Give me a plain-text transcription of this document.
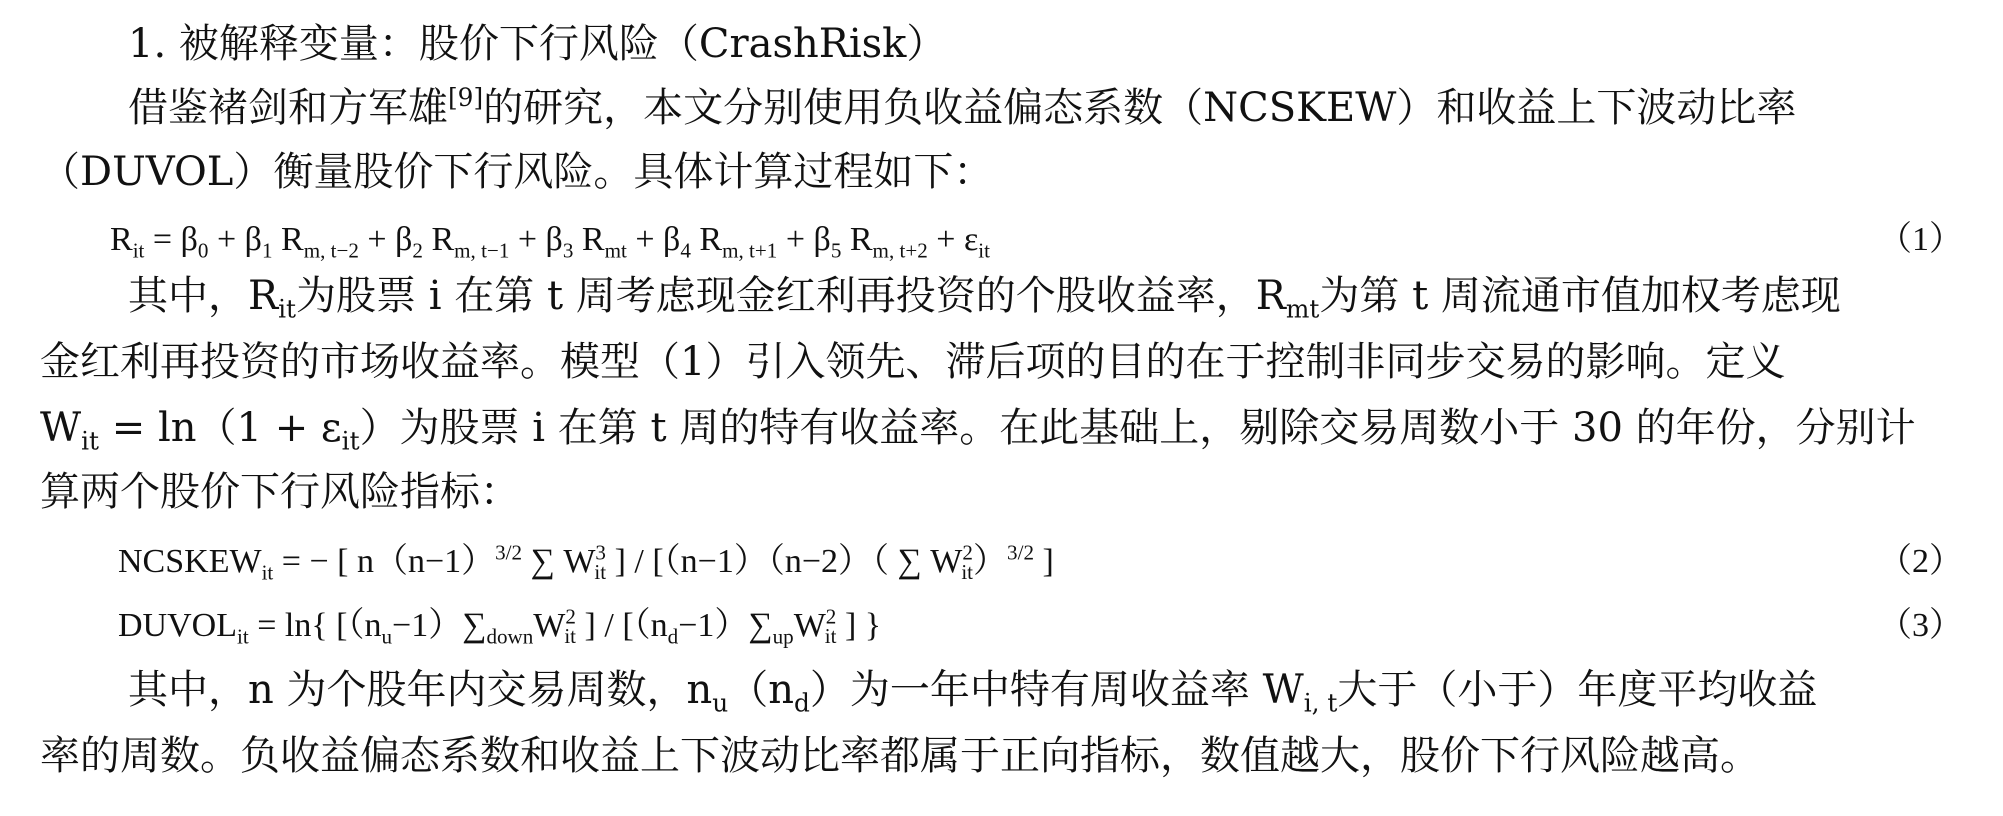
1. 被解释变量：股价下行风险（CrashRisk）
借鉴褚剑和方军雄[9]的研究，本文分别使用负收益偏态系数（NCSKEW）和收益上下波动比率
（DUVOL）衡量股价下行风险。具体计算过程如下：
$R_{it} = \beta_0 + \beta_1$ $R_{m, t-2} + \beta_2$ $R_{m, t-1} + \beta_3$ $R_{mt} + \beta_4$ $R_{m, t+1} + \beta_5$ $R_{m, t+2} + \varepsilon_{it}$	（1）
其中，$R_{it}$为股票 i 在第 t 周考虑现金红利再投资的个股收益率，$R_{mt}$为第 t 周流通市值加权考虑现
金红利再投资的市场收益率。模型（1）引入领先、滞后项的目的在于控制非同步交易的影响。定义
$W_{it} = \ln(1 + \varepsilon_{it})$为股票 i 在第 t 周的特有收益率。在此基础上，剔除交易周数小于 30 的年份，分别计
算两个股价下行风险指标：
$NCSKEW_{it}$ = − [ $n(n-1)^{3/2}$ ∑ $W^3_{it}$ ] / [（n−1）（n−2）（ ∑ $W^2_{it})^{3/2}$ ]	（2）
$DUVOL_{it} = \ln${ [$(n_u-1)\sum_{down}W^2_{it}$ ] / [$(n_d-1)\sum_{up}W^2_{it}$ ] }	（3）
其中，n 为个股年内交易周数，$n_u(n_d)$为一年中特有周收益率 $W_{i, t}$大于（小于）年度平均收益
率的周数。负收益偏态系数和收益上下波动比率都属于正向指标，数值越大，股价下行风险越高。
